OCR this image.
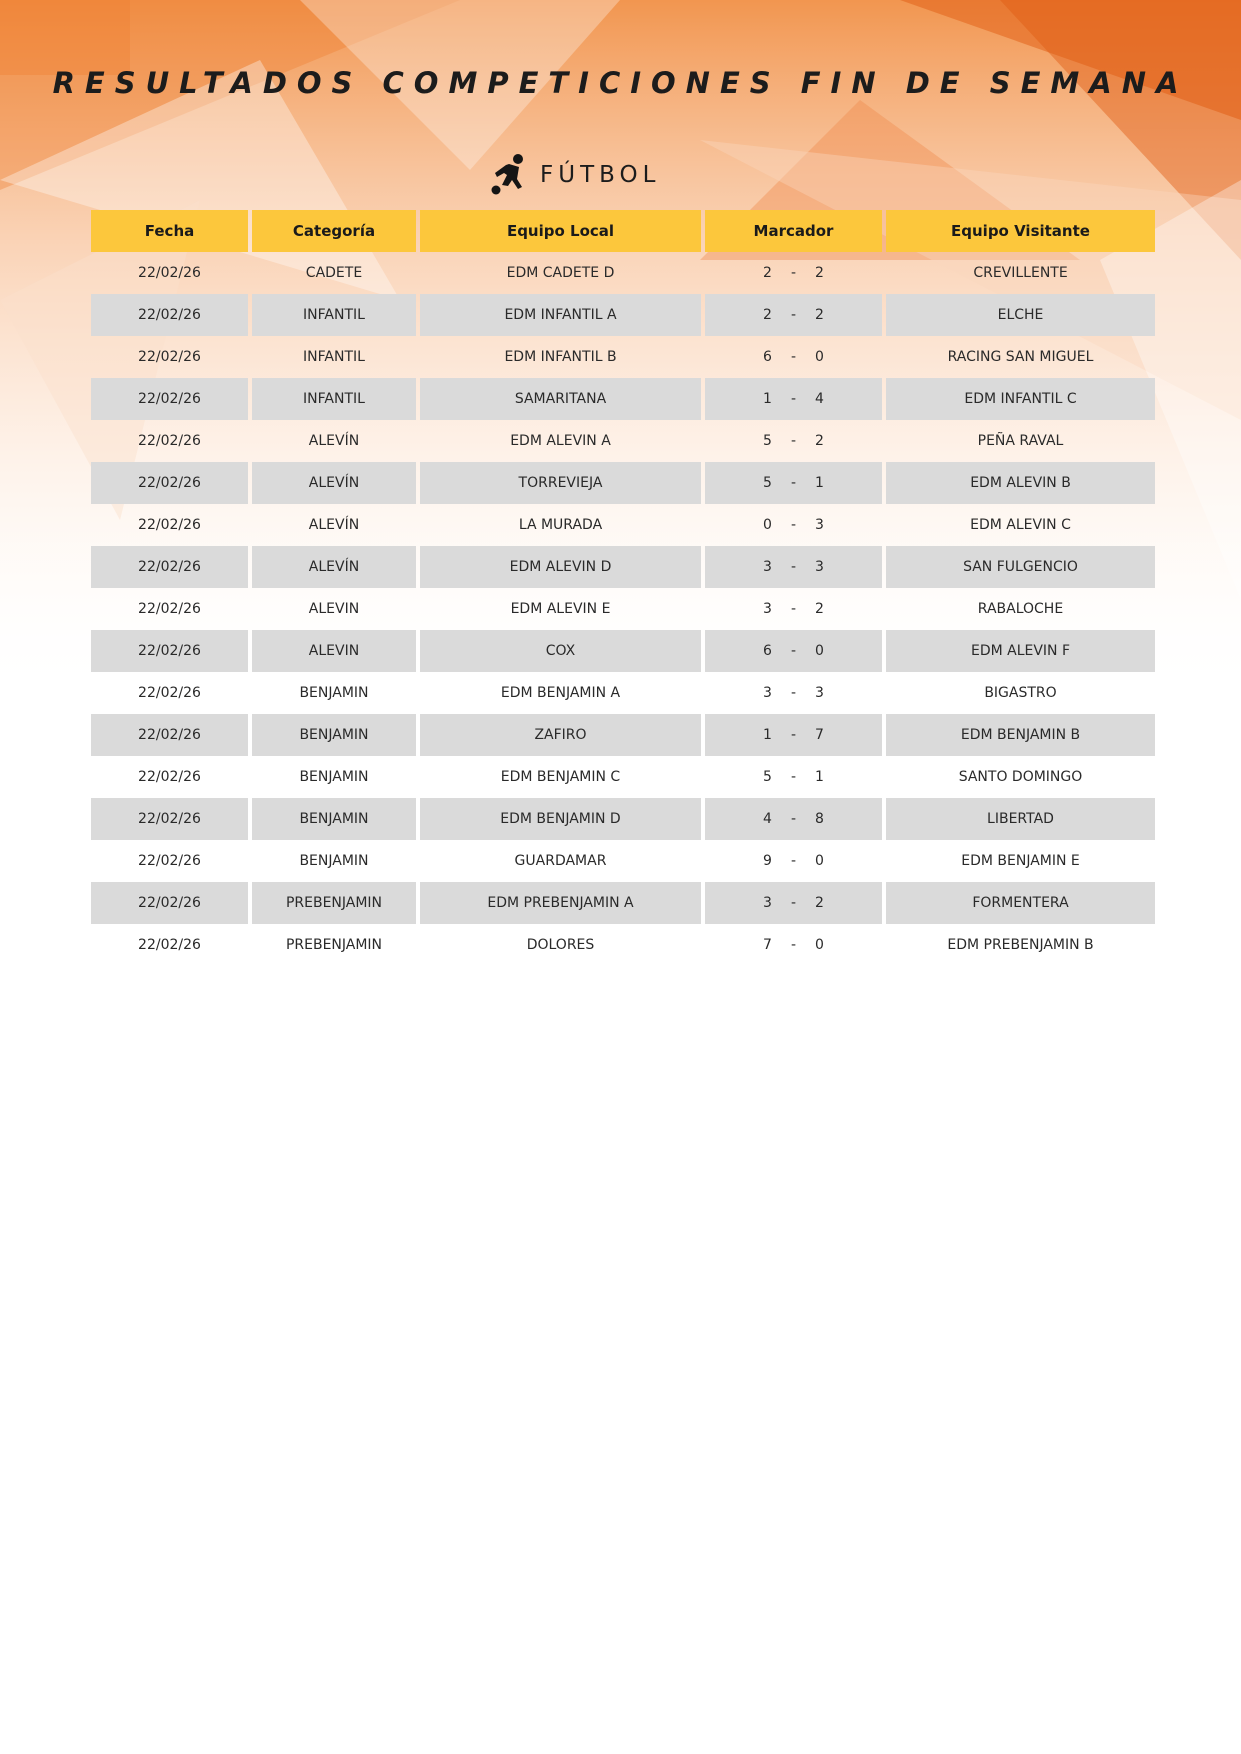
RESULTADOS COMPETICIONES FIN DE SEMANA
FÚTBOL
Fecha	Categoría	Equipo Local	Marcador	Equipo Visitante
22/02/26	CADETE	EDM CADETE D	2	-	2	CREVILLENTE
22/02/26	INFANTIL	EDM INFANTIL A	2	-	2	ELCHE
22/02/26	INFANTIL	EDM INFANTIL B	6	-	0	RACING SAN MIGUEL
22/02/26	INFANTIL	SAMARITANA	1	-	4	EDM INFANTIL C
22/02/26	ALEVÍN	EDM ALEVIN A	5	-	2	PEÑA RAVAL
22/02/26	ALEVÍN	TORREVIEJA	5	-	1	EDM ALEVIN B
22/02/26	ALEVÍN	LA MURADA	0	-	3	EDM ALEVIN C
22/02/26	ALEVÍN	EDM ALEVIN D	3	-	3	SAN FULGENCIO
22/02/26	ALEVIN	EDM ALEVIN E	3	-	2	RABALOCHE
22/02/26	ALEVIN	COX	6	-	0	EDM ALEVIN F
22/02/26	BENJAMIN	EDM BENJAMIN A	3	-	3	BIGASTRO
22/02/26	BENJAMIN	ZAFIRO	1	-	7	EDM BENJAMIN B
22/02/26	BENJAMIN	EDM BENJAMIN C	5	-	1	SANTO DOMINGO
22/02/26	BENJAMIN	EDM BENJAMIN D	4	-	8	LIBERTAD
22/02/26	BENJAMIN	GUARDAMAR	9	-	0	EDM BENJAMIN E
22/02/26	PREBENJAMIN	EDM PREBENJAMIN A	3	-	2	FORMENTERA
22/02/26	PREBENJAMIN	DOLORES	7	-	0	EDM PREBENJAMIN B
